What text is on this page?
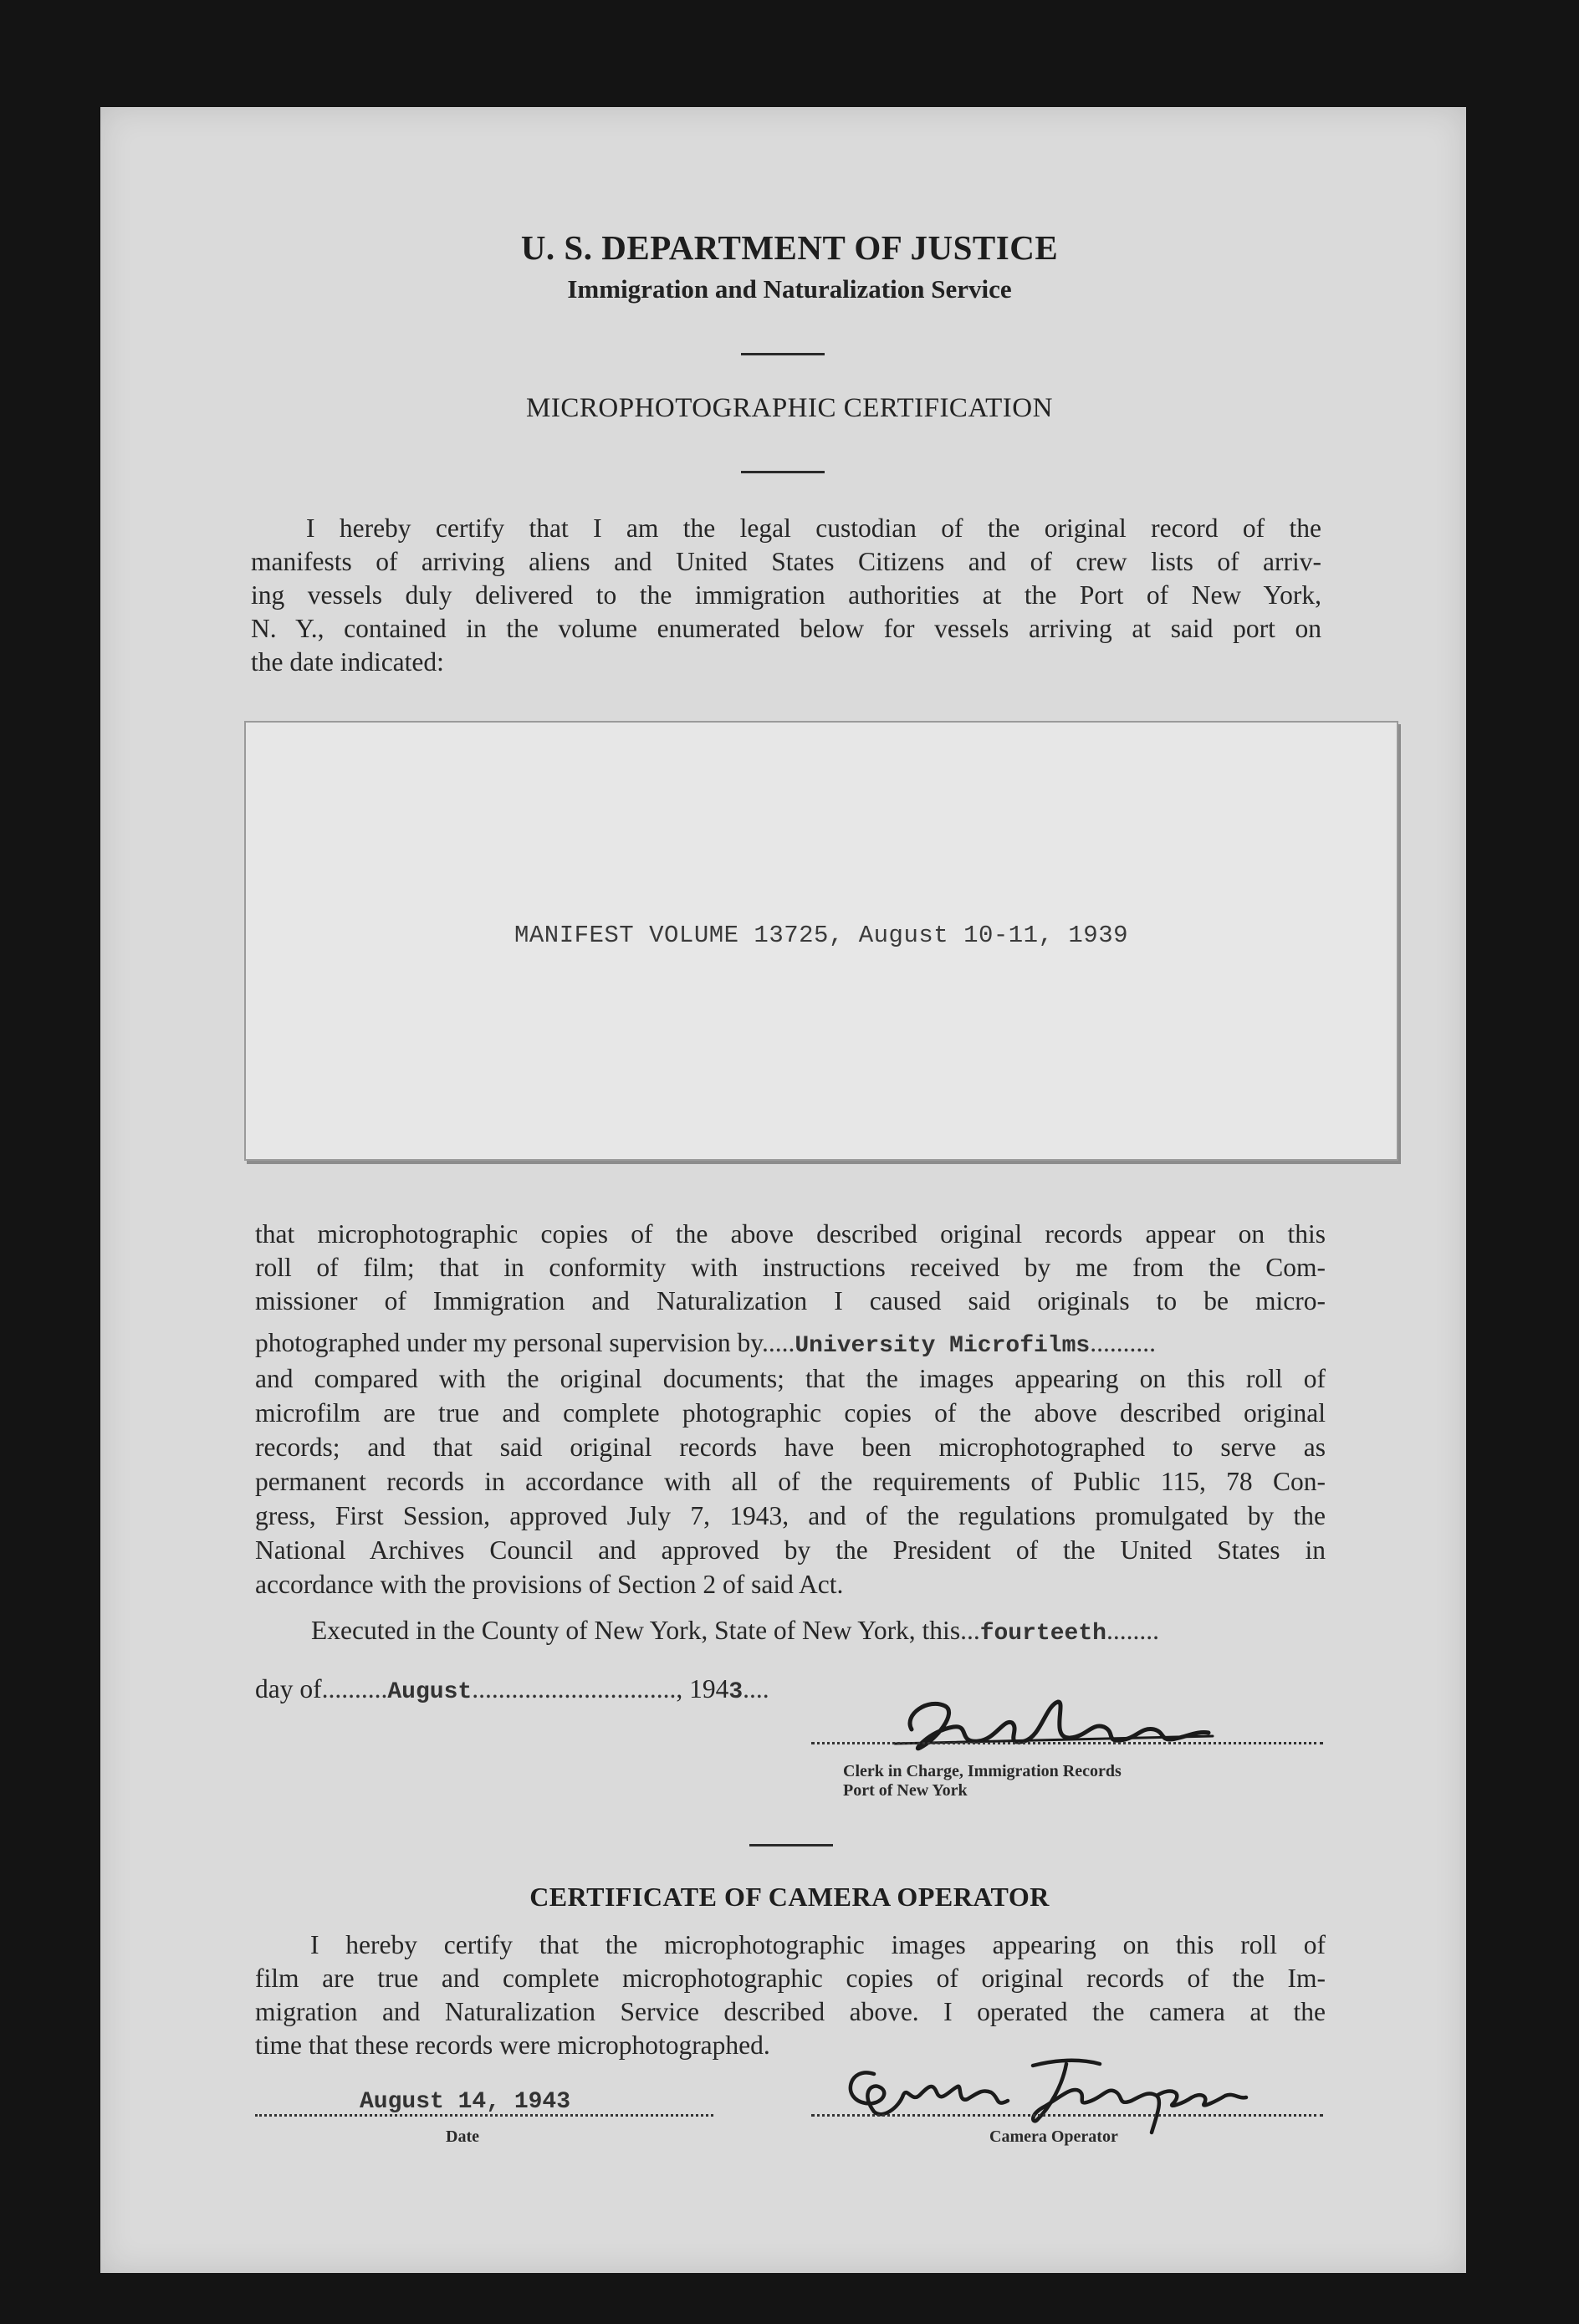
U. S. DEPARTMENT OF JUSTICE
Immigration and Naturalization Service
MICROPHOTOGRAPHIC CERTIFICATION
I hereby certify that I am the legal custodian of the original record of the
manifests of arriving aliens and United States Citizens and of crew lists of arriv-
ing vessels duly delivered to the immigration authorities at the Port of New York,
N. Y., contained in the volume enumerated below for vessels arriving at said port on
the date indicated:
MANIFEST VOLUME 13725, August 10-11, 1939
that microphotographic copies of the above described original records appear on this
roll of film; that in conformity with instructions received by me from the Com-
missioner of Immigration and Naturalization I caused said originals to be micro-
photographed under my personal supervision by.....University Microfilms..........
and compared with the original documents; that the images appearing on this roll of
microfilm are true and complete photographic copies of the above described original
records; and that said original records have been microphotographed to serve as
permanent records in accordance with all of the requirements of Public 115, 78 Con-
gress, First Session, approved July 7, 1943, and of the regulations promulgated by the
National Archives Council and approved by the President of the United States in
accordance with the provisions of Section 2 of said Act.
Executed in the County of New York, State of New York, this...fourteeth........
day of..........August..............................., 1943....
Clerk in Charge, Immigration Records
Port of New York
CERTIFICATE OF CAMERA OPERATOR
I hereby certify that the microphotographic images appearing on this roll of
film are true and complete microphotographic copies of original records of the Im-
migration and Naturalization Service described above. I operated the camera at the
time that these records were microphotographed.
August 14, 1943
Date	Camera Operator
